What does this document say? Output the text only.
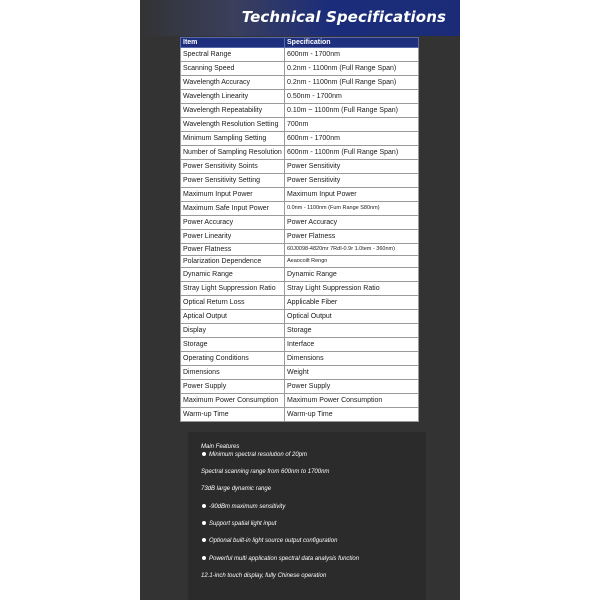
Technical Specifications
Item	Specification
Spectral Range	600nm - 1700nm
Scanning Speed	0.2nm - 1100nm (Full Range Span)
Wavelength Accuracy	0.2nm - 1100nm (Full Range Span)
Wavelength Linearity	0.50nm - 1700nm
Wavelength Repeatability	0.10m ~ 1100nm (Full Range Span)
Wavelength Resolution Setting	700nm
Minimum Sampling Setting	600nm - 1700nm
Number of Sampling Resolution	600nm - 1100nm (Full Range Span)
Power Sensitivity Soints	Power Sensitivity
Power Sensitivity Setting	Power Sensitivity
Maximum Input Power	Maximum Input Power
Maximum Safe Input Power	0.0nm - 1100nm (Fum Range S80nm)
Power Accuracy	Power Accuracy
Power Linearity	Power Flatness
Power Flatness	60J0098-4820mr 7RdI-0.9r 1.0tem - 360nm)
Polarization Dependence	Aeaocoilt Rengn
Dynamic Range	Dynamic Range
Stray Light Suppression Ratio	Stray Light Suppression Ratio
Optical Return Loss	Applicable Fiber
Aptical Output	Optical Output
Display	Storage
Storage	Interface
Operating Conditions	Dimensions
Dimensions	Weight
Power Supply	Power Supply
Maximum Power Consumption	Maximum Power Consumption
Warm-up Time	Warm-up Time
Main Features
Minimum spectral resolution of 20pm
Spectral scanning range from 600nm to 1700nm
73dB large dynamic range
-90dBm maximum sensitivity
Support spatial light input
Optional built-in light source output configuration
Powerful multi application spectral data analysis function
12.1-inch touch display, fully Chinese operation
